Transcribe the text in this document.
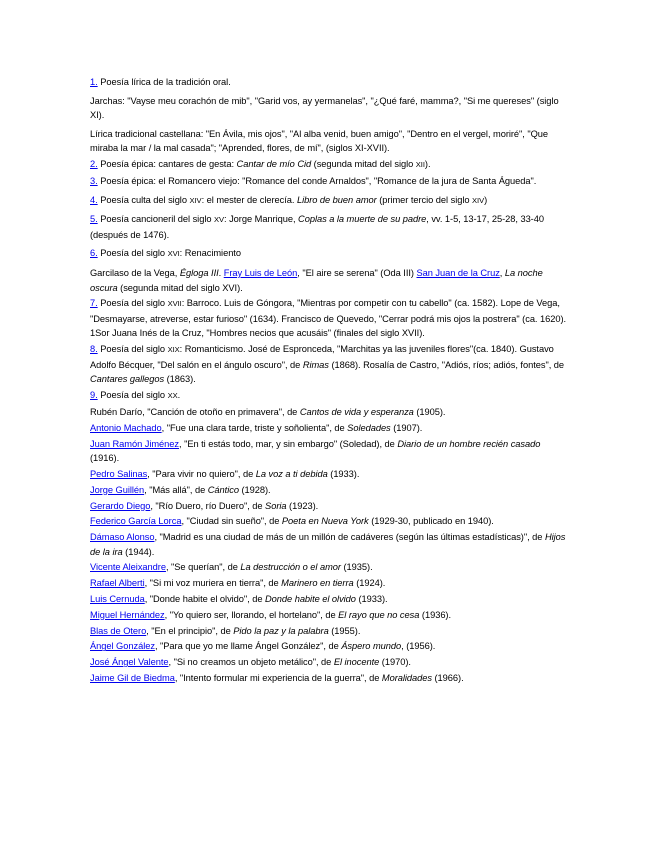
1. Poesía lírica de la tradición oral.
Jarchas: "Vayse meu corachón de mib", "Garid vos, ay yermanelas", "¿Qué faré, mamma?, "Si me quereses" (siglo XI).
Lírica tradicional castellana: "En Ávila, mis ojos", "Al alba venid, buen amigo", "Dentro en el vergel, moriré", "Que miraba la mar / la mal casada"; "Aprended, flores, de mí", (siglos XI-XVII).
2. Poesía épica: cantares de gesta: Cantar de mío Cid (segunda mitad del siglo XII).
3. Poesía épica: el Romancero viejo: "Romance del conde Arnaldos", "Romance de la jura de Santa Águeda".
4. Poesía culta del siglo XIV: el mester de clerecía. Libro de buen amor (primer tercio del siglo XIV)
5. Poesía cancioneril del siglo XV: Jorge Manrique, Coplas a la muerte de su padre, vv. 1-5, 13-17, 25-28, 33-40 (después de 1476).
6. Poesía del siglo XVI: Renacimiento
Garcilaso de la Vega, Égloga III. Fray Luis de León, "El aire se serena" (Oda III) San Juan de la Cruz, La noche oscura (segunda mitad del siglo XVI).
7. Poesía del siglo XVII: Barroco. Luis de Góngora, "Mientras por competir con tu cabello" (ca. 1582). Lope de Vega, "Desmayarse, atreverse, estar furioso" (1634). Francisco de Quevedo, "Cerrar podrá mis ojos la postrera" (ca. 1620). 1Sor Juana Inés de la Cruz, "Hombres necios que acusáis" (finales del siglo XVII).
8. Poesía del siglo XIX: Romanticismo. José de Espronceda, "Marchitas ya las juveniles flores"(ca. 1840). Gustavo Adolfo Bécquer, "Del salón en el ángulo oscuro", de Rimas (1868). Rosalía de Castro, "Adiós, ríos; adiós, fontes", de Cantares gallegos (1863).
9. Poesía del siglo XX.
Rubén Darío, "Canción de otoño en primavera", de Cantos de vida y esperanza (1905).
Antonio Machado, "Fue una clara tarde, triste y soñolienta", de Soledades (1907).
Juan Ramón Jiménez, "En ti estás todo, mar, y sin embargo" (Soledad), de Diario de un hombre recién casado (1916).
Pedro Salinas, "Para vivir no quiero", de La voz a ti debida (1933).
Jorge Guillén, "Más allá", de Cántico (1928).
Gerardo Diego, "Río Duero, río Duero", de Soria (1923).
Federico García Lorca, "Ciudad sin sueño", de Poeta en Nueva York (1929-30, publicado en 1940).
Dámaso Alonso, "Madrid es una ciudad de más de un millón de cadáveres (según las últimas estadísticas)", de Hijos de la ira (1944).
Vicente Aleixandre, "Se querían", de La destrucción o el amor (1935).
Rafael Alberti, "Si mi voz muriera en tierra", de Marinero en tierra (1924).
Luis Cernuda, "Donde habite el olvido", de Donde habite el olvido (1933).
Miguel Hernández, "Yo quiero ser, llorando, el hortelano", de El rayo que no cesa (1936).
Blas de Otero, "En el principio", de Pido la paz y la palabra (1955).
Ángel González, "Para que yo me llame Ángel González", de Áspero mundo, (1956).
José Ángel Valente, "Si no creamos un objeto metálico", de El inocente (1970).
Jaime Gil de Biedma, "Intento formular mi experiencia de la guerra", de Moralidades (1966).
